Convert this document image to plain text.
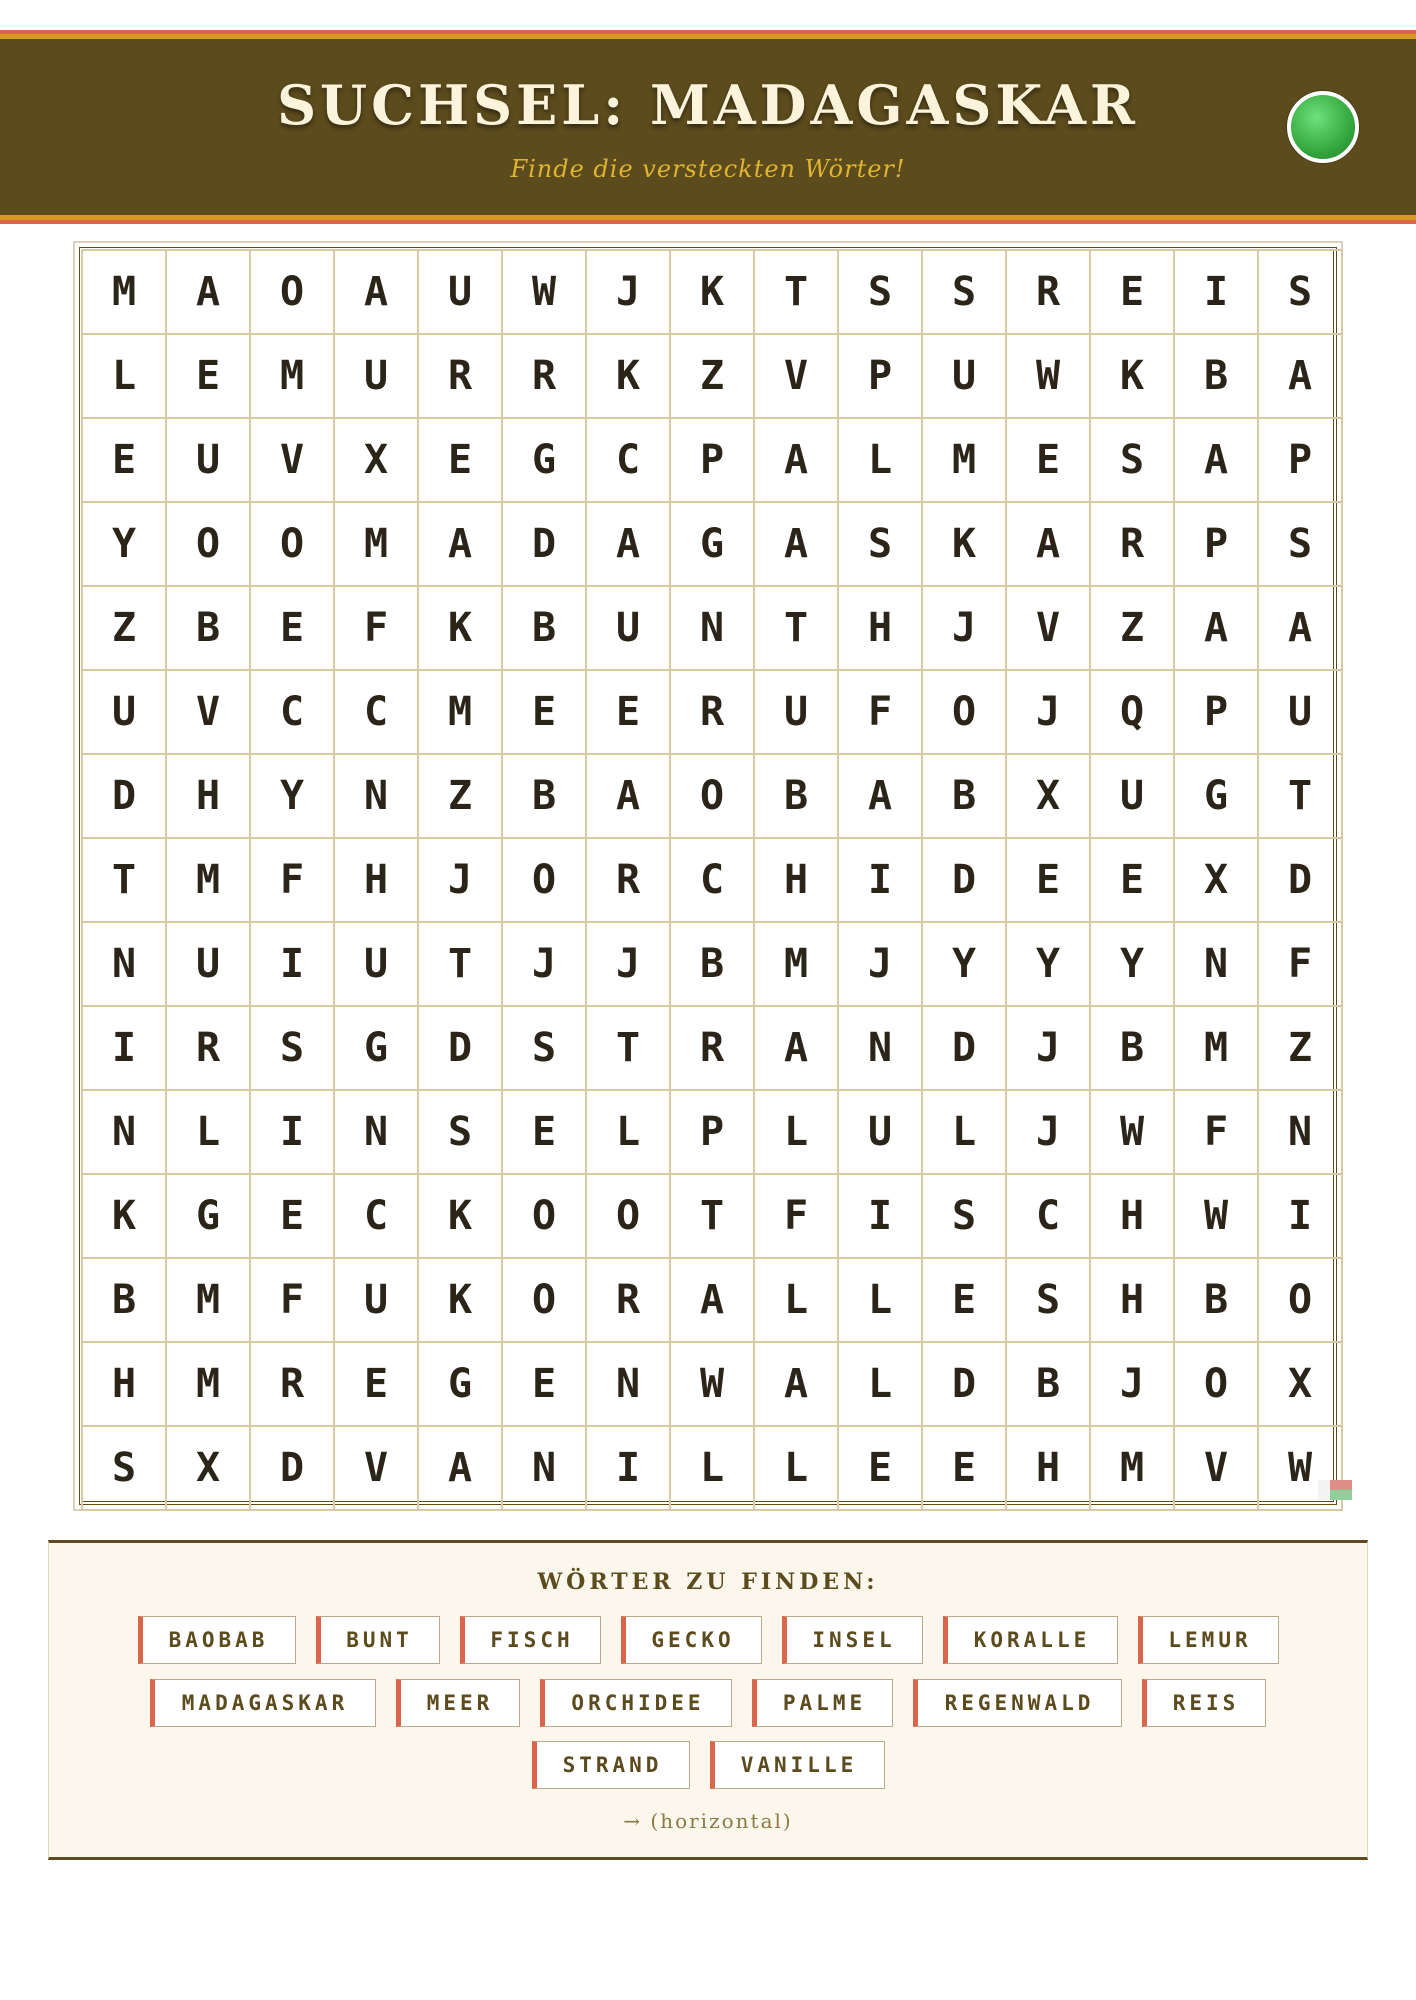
SUCHSEL: MADAGASKAR
Finde die versteckten Wörter!
M	A	O	A	U	W	J	K	T	S	S	R	E	I	S
L	E	M	U	R	R	K	Z	V	P	U	W	K	B	A
E	U	V	X	E	G	C	P	A	L	M	E	S	A	P
Y	O	O	M	A	D	A	G	A	S	K	A	R	P	S
Z	B	E	F	K	B	U	N	T	H	J	V	Z	A	A
U	V	C	C	M	E	E	R	U	F	O	J	Q	P	U
D	H	Y	N	Z	B	A	O	B	A	B	X	U	G	T
T	M	F	H	J	O	R	C	H	I	D	E	E	X	D
N	U	I	U	T	J	J	B	M	J	Y	Y	Y	N	F
I	R	S	G	D	S	T	R	A	N	D	J	B	M	Z
N	L	I	N	S	E	L	P	L	U	L	J	W	F	N
K	G	E	C	K	O	O	T	F	I	S	C	H	W	I
B	M	F	U	K	O	R	A	L	L	E	S	H	B	O
H	M	R	E	G	E	N	W	A	L	D	B	J	O	X
S	X	D	V	A	N	I	L	L	E	E	H	M	V	W
WÖRTER ZU FINDEN:
BAOBAB	BUNT	FISCH	GECKO	INSEL	KORALLE	LEMUR
MADAGASKAR	MEER	ORCHIDEE	PALME	REGENWALD	REIS
STRAND	VANILLE
→ (horizontal)
